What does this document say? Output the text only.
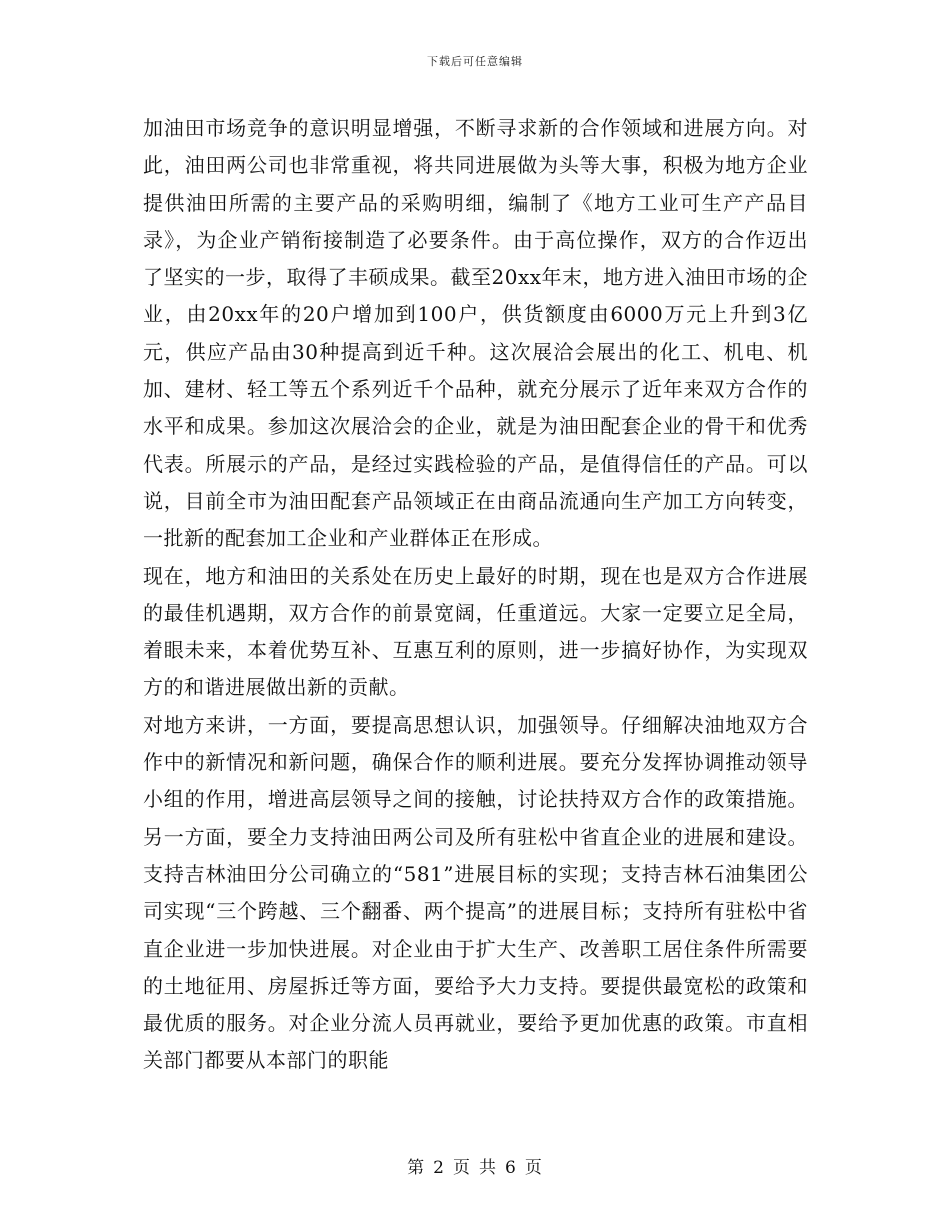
下载后可任意编辑

加油田市场竞争的意识明显增强，不断寻求新的合作领域和进展方向。对此，油田两公司也非常重视，将共同进展做为头等大事，积极为地方企业提供油田所需的主要产品的采购明细，编制了《地方工业可生产产品目录》，为企业产销衔接制造了必要条件。由于高位操作，双方的合作迈出了坚实的一步，取得了丰硕成果。截至20xx年末，地方进入油田市场的企业，由20xx年的20户增加到100户，供货额度由6000万元上升到3亿元，供应产品由30种提高到近千种。这次展洽会展出的化工、机电、机加、建材、轻工等五个系列近千个品种，就充分展示了近年来双方合作的水平和成果。参加这次展洽会的企业，就是为油田配套企业的骨干和优秀代表。所展示的产品，是经过实践检验的产品，是值得信任的产品。可以说，目前全市为油田配套产品领域正在由商品流通向生产加工方向转变，一批新的配套加工企业和产业群体正在形成。

现在，地方和油田的关系处在历史上最好的时期，现在也是双方合作进展的最佳机遇期，双方合作的前景宽阔，任重道远。大家一定要立足全局，着眼未来，本着优势互补、互惠互利的原则，进一步搞好协作，为实现双方的和谐进展做出新的贡献。

对地方来讲，一方面，要提高思想认识，加强领导。仔细解决油地双方合作中的新情况和新问题，确保合作的顺利进展。要充分发挥协调推动领导小组的作用，增进高层领导之间的接触，讨论扶持双方合作的政策措施。另一方面，要全力支持油田两公司及所有驻松中省直企业的进展和建设。支持吉林油田分公司确立的“581”进展目标的实现；支持吉林石油集团公司实现“三个跨越、三个翻番、两个提高”的进展目标；支持所有驻松中省直企业进一步加快进展。对企业由于扩大生产、改善职工居住条件所需要的土地征用、房屋拆迁等方面，要给予大力支持。要提供最宽松的政策和最优质的服务。对企业分流人员再就业，要给予更加优惠的政策。市直相关部门都要从本部门的职能

第 2 页 共 6 页
